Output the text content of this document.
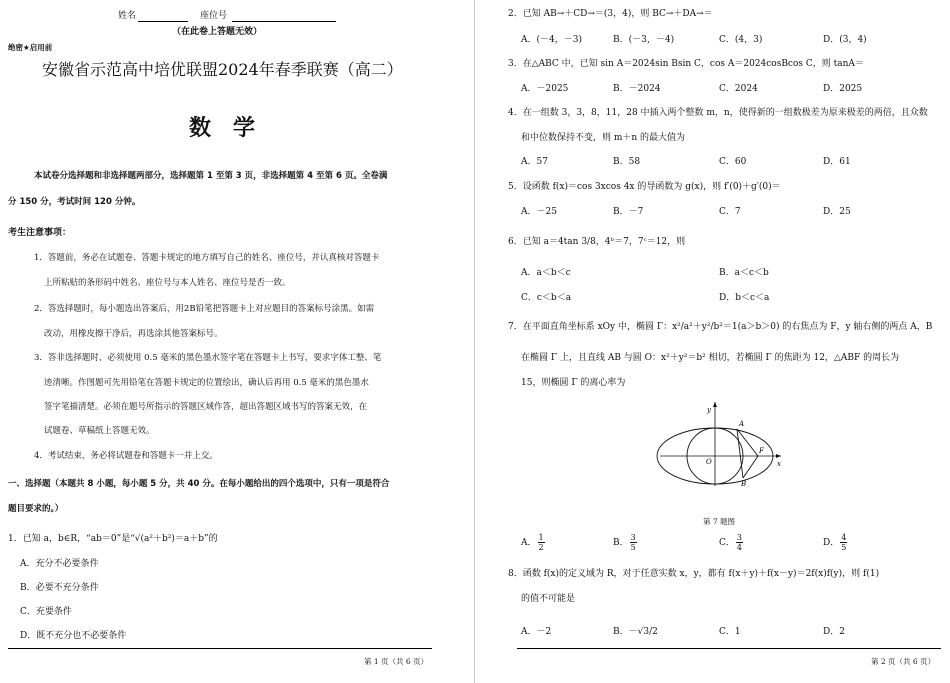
姓名	座位号
（在此卷上答题无效）
绝密★启用前
安徽省示范高中培优联盟2024年春季联赛（高二）
数　学
本试卷分选择题和非选择题两部分，选择题第 1 至第 3 页，非选择题第 4 至第 6 页。全卷满
分 150 分，考试时间 120 分钟。
考生注意事项：
1．答题前，务必在试题卷、答题卡规定的地方填写自己的姓名、座位号，并认真核对答题卡
上所粘贴的条形码中姓名、座位号与本人姓名、座位号是否一致。
2．答选择题时，每小题选出答案后，用2B铅笔把答题卡上对应题目的答案标号涂黑。如需
改动，用橡皮擦干净后，再选涂其他答案标号。
3．答非选择题时，必须使用 0.5 毫米的黑色墨水签字笔在答题卡上书写，要求字体工整、笔
迹清晰。作图题可先用铅笔在答题卡规定的位置绘出，确认后再用 0.5 毫米的黑色墨水
签字笔描清楚。必须在题号所指示的答题区域作答，超出答题区域书写的答案无效，在
试题卷、草稿纸上答题无效。
4．考试结束，务必将试题卷和答题卡一并上交。
一、选择题（本题共 8 小题，每小题 5 分，共 40 分。在每小题给出的四个选项中，只有一项是符合
题目要求的。）
1．已知 a，b∈R，“ab＝0”是“√(a²＋b²)＝a＋b”的
A．充分不必要条件
B．必要不充分条件
C．充要条件
D．既不充分也不必要条件
第 1 页（共 6 页）
2．已知 AB→＋CD→＝(3，4)，则 BC→＋DA→＝
A．(－4，－3)	B．(－3，－4)	C．(4，3)	D．(3，4)
3．在△ABC 中，已知 sin A＝2024sin Bsin C，cos A＝2024cosBcos C，则 tanA＝
A．－2025	B．－2024	C．2024	D．2025
4．在一组数 3，3，8，11，28 中插入两个整数 m，n，使得新的一组数极差为原来极差的两倍，且众数
和中位数保持不变，则 m＋n 的最大值为
A．57	B．58	C．60	D．61
5．设函数 f(x)＝cos 3xcos 4x 的导函数为 g(x)，则 f′(0)＋g′(0)＝
A．－25	B．－7	C．7	D．25
6．已知 a＝4tan 3/8，4ᵇ＝7，7ᶜ＝12，则
A．a＜b＜c	B．a＜c＜b
C．c＜b＜a	D．b＜c＜a
7．在平面直角坐标系 xOy 中，椭圆 Γ：x²/a²＋y²/b²＝1(a＞b＞0) 的右焦点为 F，y 轴右侧的两点 A，B
在椭圆 Γ 上，且直线 AB 与圆 O：x²＋y²＝b² 相切，若椭圆 Γ 的焦距为 12，△ABF 的周长为
15，则椭圆 Γ 的离心率为
y
x
O
A
B
F
第 7 题图
A． $\frac{1}{2}$	B． $\frac{3}{5}$	C． $\frac{3}{4}$	D． $\frac{4}{5}$
8．函数 f(x)的定义域为 R，对于任意实数 x，y，都有 f(x＋y)＋f(x－y)＝2f(x)f(y)，则 f(1)
的值不可能是
A．－2	B．－√3/2	C．1	D．2
第 2 页（共 6 页）
